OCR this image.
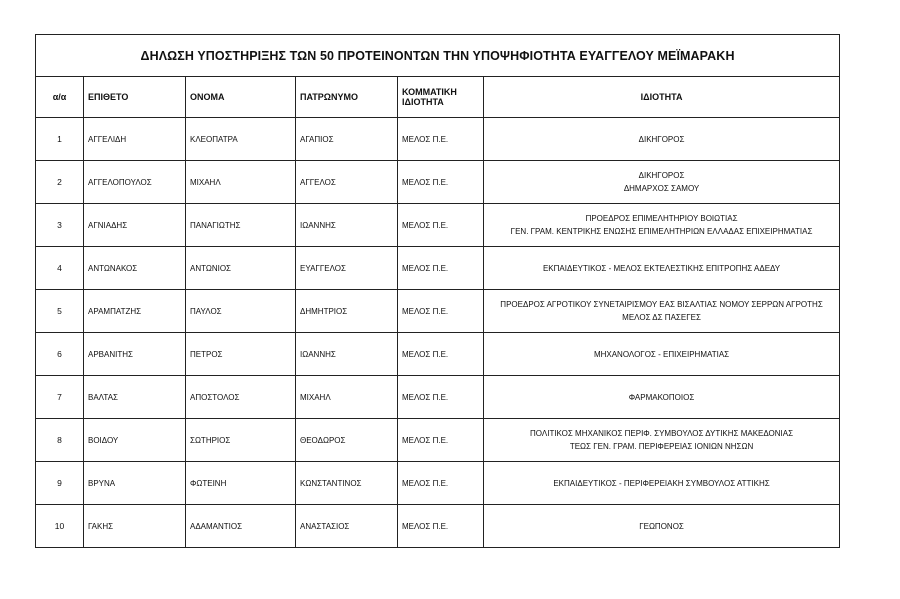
ΔΗΛΩΣΗ ΥΠΟΣΤΗΡΙΞΗΣ ΤΩΝ 50 ΠΡΟΤΕΙΝΟΝΤΩΝ ΤΗΝ ΥΠΟΨΗΦΙΟΤΗΤΑ ΕΥΑΓΓΕΛΟΥ ΜΕΪΜΑΡΑΚΗ					
α/α	ΕΠΙΘΕΤΟ	ΟΝΟΜΑ	ΠΑΤΡΩΝΥΜΟ	ΚΟΜΜΑΤΙΚΗ ΙΔΙΟΤΗΤΑ	ΙΔΙΟΤΗΤΑ
1	ΑΓΓΕΛΙΔΗ	ΚΛΕΟΠΑΤΡΑ	ΑΓΑΠΙΟΣ	ΜΕΛΟΣ Π.Ε.	ΔΙΚΗΓΟΡΟΣ

2	ΑΓΓΕΛΟΠΟΥΛΟΣ	ΜΙΧΑΗΛ	ΑΓΓΕΛΟΣ	ΜΕΛΟΣ Π.Ε.	ΔΙΚΗΓΟΡΟΣ
ΔΗΜΑΡΧΟΣ ΣΑΜΟΥ

3	ΑΓΝΙΑΔΗΣ	ΠΑΝΑΓΙΩΤΗΣ	ΙΩΑΝΝΗΣ	ΜΕΛΟΣ Π.Ε.	ΠΡΟΕΔΡΟΣ ΕΠΙΜΕΛΗΤΗΡΙΟΥ ΒΟΙΩΤΙΑΣ
ΓΕΝ. ΓΡΑΜ. ΚΕΝΤΡΙΚΗΣ ΕΝΩΣΗΣ ΕΠΙΜΕΛΗΤΗΡΙΩΝ ΕΛΛΑΔΑΣ ΕΠΙΧΕΙΡΗΜΑΤΙΑΣ

4	ΑΝΤΩΝΑΚΟΣ	ΑΝΤΩΝΙΟΣ	ΕΥΑΓΓΕΛΟΣ	ΜΕΛΟΣ Π.Ε.	ΕΚΠΑΙΔΕΥΤΙΚΟΣ - ΜΕΛΟΣ ΕΚΤΕΛΕΣΤΙΚΗΣ ΕΠΙΤΡΟΠΗΣ ΑΔΕΔΥ

5	ΑΡΑΜΠΑΤΖΗΣ	ΠΑΥΛΟΣ	ΔΗΜΗΤΡΙΟΣ	ΜΕΛΟΣ Π.Ε.	ΠΡΟΕΔΡΟΣ ΑΓΡΟΤΙΚΟΥ ΣΥΝΕΤΑΙΡΙΣΜΟΥ ΕΑΣ ΒΙΣΑΛΤΙΑΣ ΝΟΜΟΥ ΣΕΡΡΩΝ ΑΓΡΟΤΗΣ
ΜΕΛΟΣ ΔΣ ΠΑΣΕΓΕΣ

6	ΑΡΒΑΝΙΤΗΣ	ΠΕΤΡΟΣ	ΙΩΑΝΝΗΣ	ΜΕΛΟΣ Π.Ε.	ΜΗΧΑΝΟΛΟΓΟΣ - ΕΠΙΧΕΙΡΗΜΑΤΙΑΣ

7	ΒΑΛΤΑΣ	ΑΠΟΣΤΟΛΟΣ	ΜΙΧΑΗΛ	ΜΕΛΟΣ Π.Ε.	ΦΑΡΜΑΚΟΠΟΙΟΣ

8	ΒΟΙΔΟΥ	ΣΩΤΗΡΙΟΣ	ΘΕΟΔΩΡΟΣ	ΜΕΛΟΣ Π.Ε.	ΠΟΛΙΤΙΚΟΣ ΜΗΧΑΝΙΚΟΣ ΠΕΡΙΦ. ΣΥΜΒΟΥΛΟΣ ΔΥΤΙΚΗΣ ΜΑΚΕΔΟΝΙΑΣ
ΤΕΩΣ ΓΕΝ. ΓΡΑΜ. ΠΕΡΙΦΕΡΕΙΑΣ ΙΟΝΙΩΝ ΝΗΣΩΝ

9	ΒΡΥΝΑ	ΦΩΤΕΙΝΗ	ΚΩΝΣΤΑΝΤΙΝΟΣ	ΜΕΛΟΣ Π.Ε.	ΕΚΠΑΙΔΕΥΤΙΚΟΣ - ΠΕΡΙΦΕΡΕΙΑΚΗ ΣΥΜΒΟΥΛΟΣ ΑΤΤΙΚΗΣ

10	ΓΑΚΗΣ	ΑΔΑΜΑΝΤΙΟΣ	ΑΝΑΣΤΑΣΙΟΣ	ΜΕΛΟΣ Π.Ε.	ΓΕΩΠΟΝΟΣ
